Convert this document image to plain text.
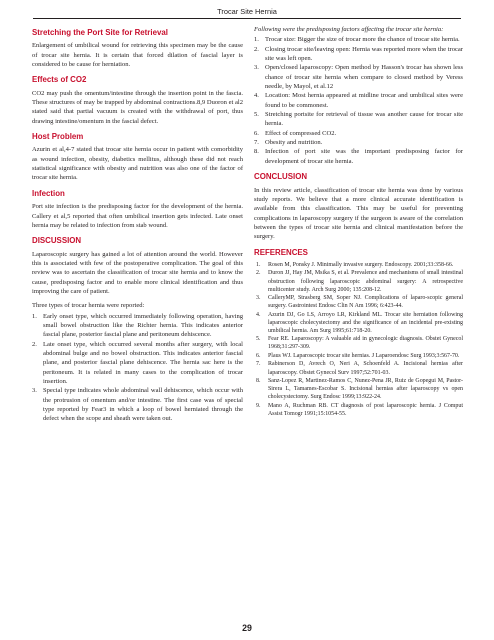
Trocar Site Hernia
Stretching the Port Site for Retrieval

Enlargement of umbilical wound for retrieving this specimen may be the cause of trocar site hernia. It is certain that forced dilation of fascial layer is considered to be cause for herniation.

Effects of CO2

CO2 may push the omentum/intestine through the insertion point in the fascia. These structures of may be trapped by abdominal contractions.8,9 Duoron et al2 stated said that partial vacuum is created with the withdrawal of port, thus drawing intestine/omentum in the fascial defect.

Host Problem

Azurin et al,4-7 stated that trocar site hernia occur in patient with comorbidity as wound infection, obesity, diabetics mellitus, although these did not reach statistical significance with obesity and nutrition was also one of the factor of trocar site hernia.

Infection

Port site infection is the predisposing factor for the development of the hernia. Callery et al,5 reported that often umbilical insertion gets infected. Late onset hernia may be related to infection from stab wound.

DISCUSSION

Laparoscopic surgery has gained a lot of attention around the world. However this is associated with few of the postoperative complication. The goal of this review was to ascertain the classification of trocar site hernia and to know the cause, predisposing factor and to enable more clinical identification and thus improving the care of patient.

Three types of trocar hernia were reported:

1. Early onset type, which occurred immediately following operation, having small bowel obstruction like the Richter hernia. This indicates anterior fascial plane, posterior fascial plane and peritoneum dehiscence.
2. Late onset type, which occurred several months after surgery, with local abdominal bulge and no bowel obstruction. This indicates anterior fascial plane, and posterior fascial plane dehiscence. The hernia sac here is the peritoneum. It is related in many cases to the complication of trocar insertion.
3. Special type indicates whole abdominal wall dehiscence, which occur with the protrusion of omentum and/or intestine. The first case was of special type reported by Fear3 in which a loop of bowel herniated through the defect when the scope and sheath were taken out.

Following were the predisposing factors affecting the trocar site hernia:

1. Trocar size: Bigger the size of trocar more the chance of trocar site hernia.
2. Closing trocar site/leaving open: Hernia was reported more when the trocar site was left open.
3. Open/closed laparoscopy: Open method by Hasson's trocar has shown less chance of trocar site hernia when compare to closed method by Veress needle, by Mayol, et al.12
4. Location: Most hernia appeared at midline trocar and umbilical sites were found to be commonest.
5. Stretching portsite for retrieval of tissue was another cause for trocar site hernia.
6. Effect of compressed CO2.
7. Obesity and nutrition.
8. Infection of port site was the important predisposing factor for development of trocar site hernia.
CONCLUSION

In this review article, classification of trocar site hernia was done by various study reports. We believe that a more clinical accurate identification is available from this classification. This may be useful for preventing complications in laparoscopy surgery if the surgeon is aware of the correlation between the types of trocar site hernia and clinical manifestation before the surgery.

REFERENCES
1. Rosen M, Ponsky J. Minimally invasive surgery. Endoscopy. 2001;33:358-66.
2. Duron JJ, Hay JM, Msika S, et al. Prevalence and mechanisms of small intestinal obstruction following laparoscopic abdominal surgery: A retrospective multicenter study. Arch Surg 2000; 135:208-12.
3. CalleryMP, Strasberg SM, Soper NJ. Complications of laparo-scopic general surgery. Gastrointest Endosc Clin N Am 1996; 6:423-44.
4. Azurin DJ, Go LS, Arroyo LR, Kirkland ML. Trocar site herniation following laparoscopic cholecystectomy and the significance of an incidental pre-existing umbilical hernia. Am Surg 1995;61:718-20.
5. Fear RE. Laparoscopy: A valuable aid in gynecologic diagnosis. Obstet Gynecol 1968;31:297-309.
6. Plaus WJ. Laparoscopic trocar site hernias. J Laparoendosc Surg 1993;3:567-70.
7. Rabinerson D, Avrech O, Neri A, Schoenfeld A. Incisional hernias after laparoscopy. Obstet Gynecol Surv 1997;52:701-03.
8. Sanz-Lopez R, Martinez-Ramos C, Nunez-Pena JR, Ruiz de Gopegui M, Pastor-Sirera L, Tamames-Escobar S. Incisional hernias after laparoscopy vs open cholecystectomy. Surg Endosc 1999;13:922-24.
9. Mano A, Ruchman RB. CT diagnosis of post laparoscopic hernia. J Comput Assist Tomogr 1991;15:1054-55.
29
